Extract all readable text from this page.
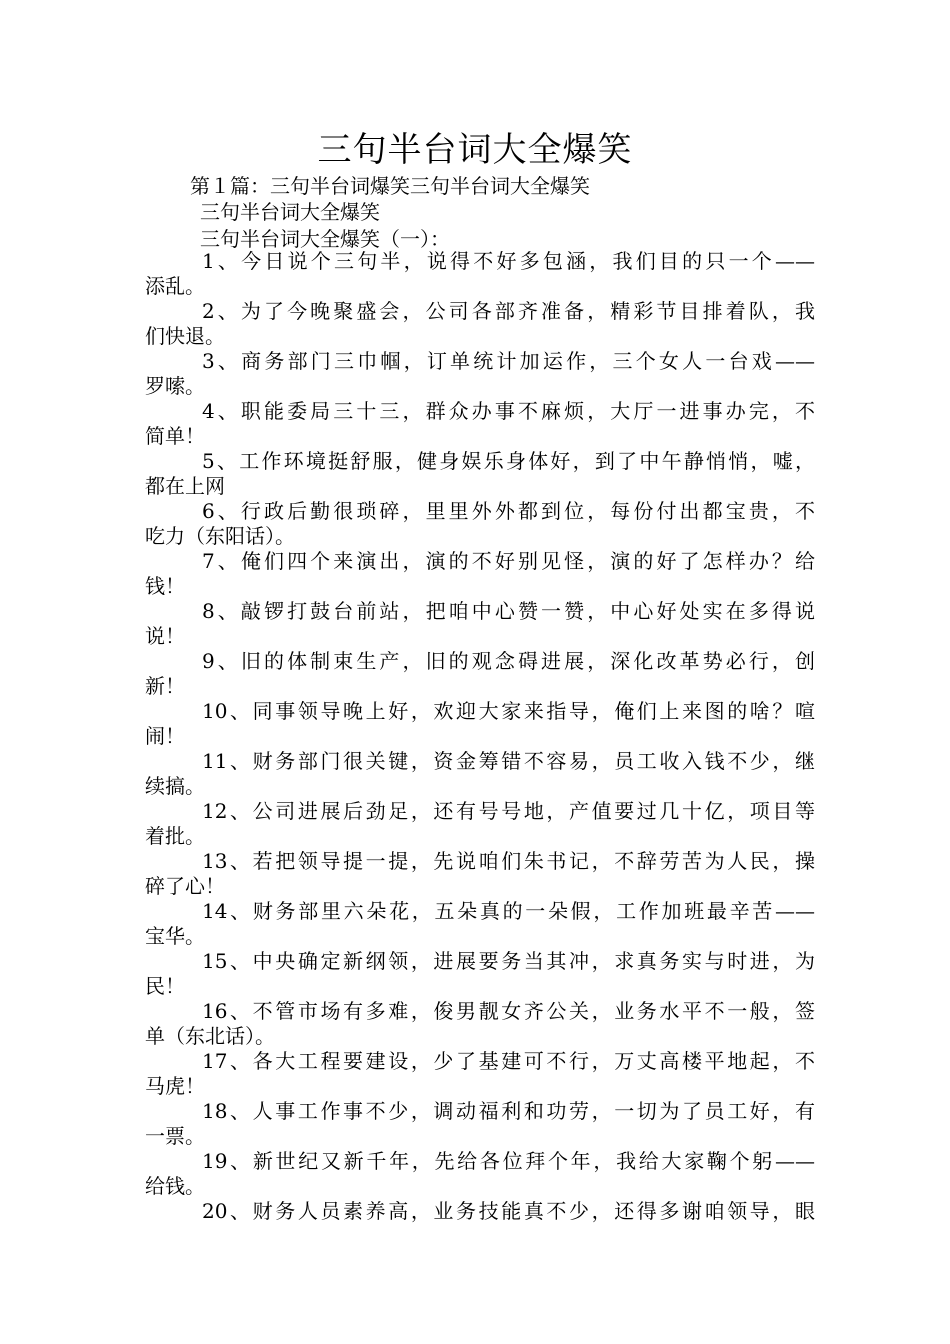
三句半台词大全爆笑
第１篇：三句半台词爆笑三句半台词大全爆笑
三句半台词大全爆笑
三句半台词大全爆笑（一）：
1、今日说个三句半，说得不好多包涵，我们目的只一个——
添乱。
2、为了今晚聚盛会，公司各部齐准备，精彩节目排着队，我
们快退。
3、商务部门三巾帼，订单统计加运作，三个女人一台戏——
罗嗦。
4、职能委局三十三，群众办事不麻烦，大厅一进事办完，不
简单！
5、工作环境挺舒服，健身娱乐身体好，到了中午静悄悄，嘘，
都在上网
6、行政后勤很琐碎，里里外外都到位，每份付出都宝贵，不
吃力（东阳话）。
7、俺们四个来演出，演的不好别见怪，演的好了怎样办？给
钱！
8、敲锣打鼓台前站，把咱中心赞一赞，中心好处实在多得说
说！
9、旧的体制束生产，旧的观念碍进展，深化改革势必行，创
新！
10、同事领导晚上好，欢迎大家来指导，俺们上来图的啥？喧
闹！
11、财务部门很关键，资金筹错不容易，员工收入钱不少，继
续搞。
12、公司进展后劲足，还有号号地，产值要过几十亿，项目等
着批。
13、若把领导提一提，先说咱们朱书记，不辞劳苦为人民，操
碎了心！
14、财务部里六朵花，五朵真的一朵假，工作加班最辛苦——
宝华。
15、中央确定新纲领，进展要务当其冲，求真务实与时进，为
民！
16、不管市场有多难，俊男靓女齐公关，业务水平不一般，签
单（东北话）。
17、各大工程要建设，少了基建可不行，万丈高楼平地起，不
马虎！
18、人事工作事不少，调动福利和功劳，一切为了员工好，有
一票。
19、新世纪又新千年，先给各位拜个年，我给大家鞠个躬——
给钱。
20、财务人员素养高，业务技能真不少，还得多谢咱领导，眼
